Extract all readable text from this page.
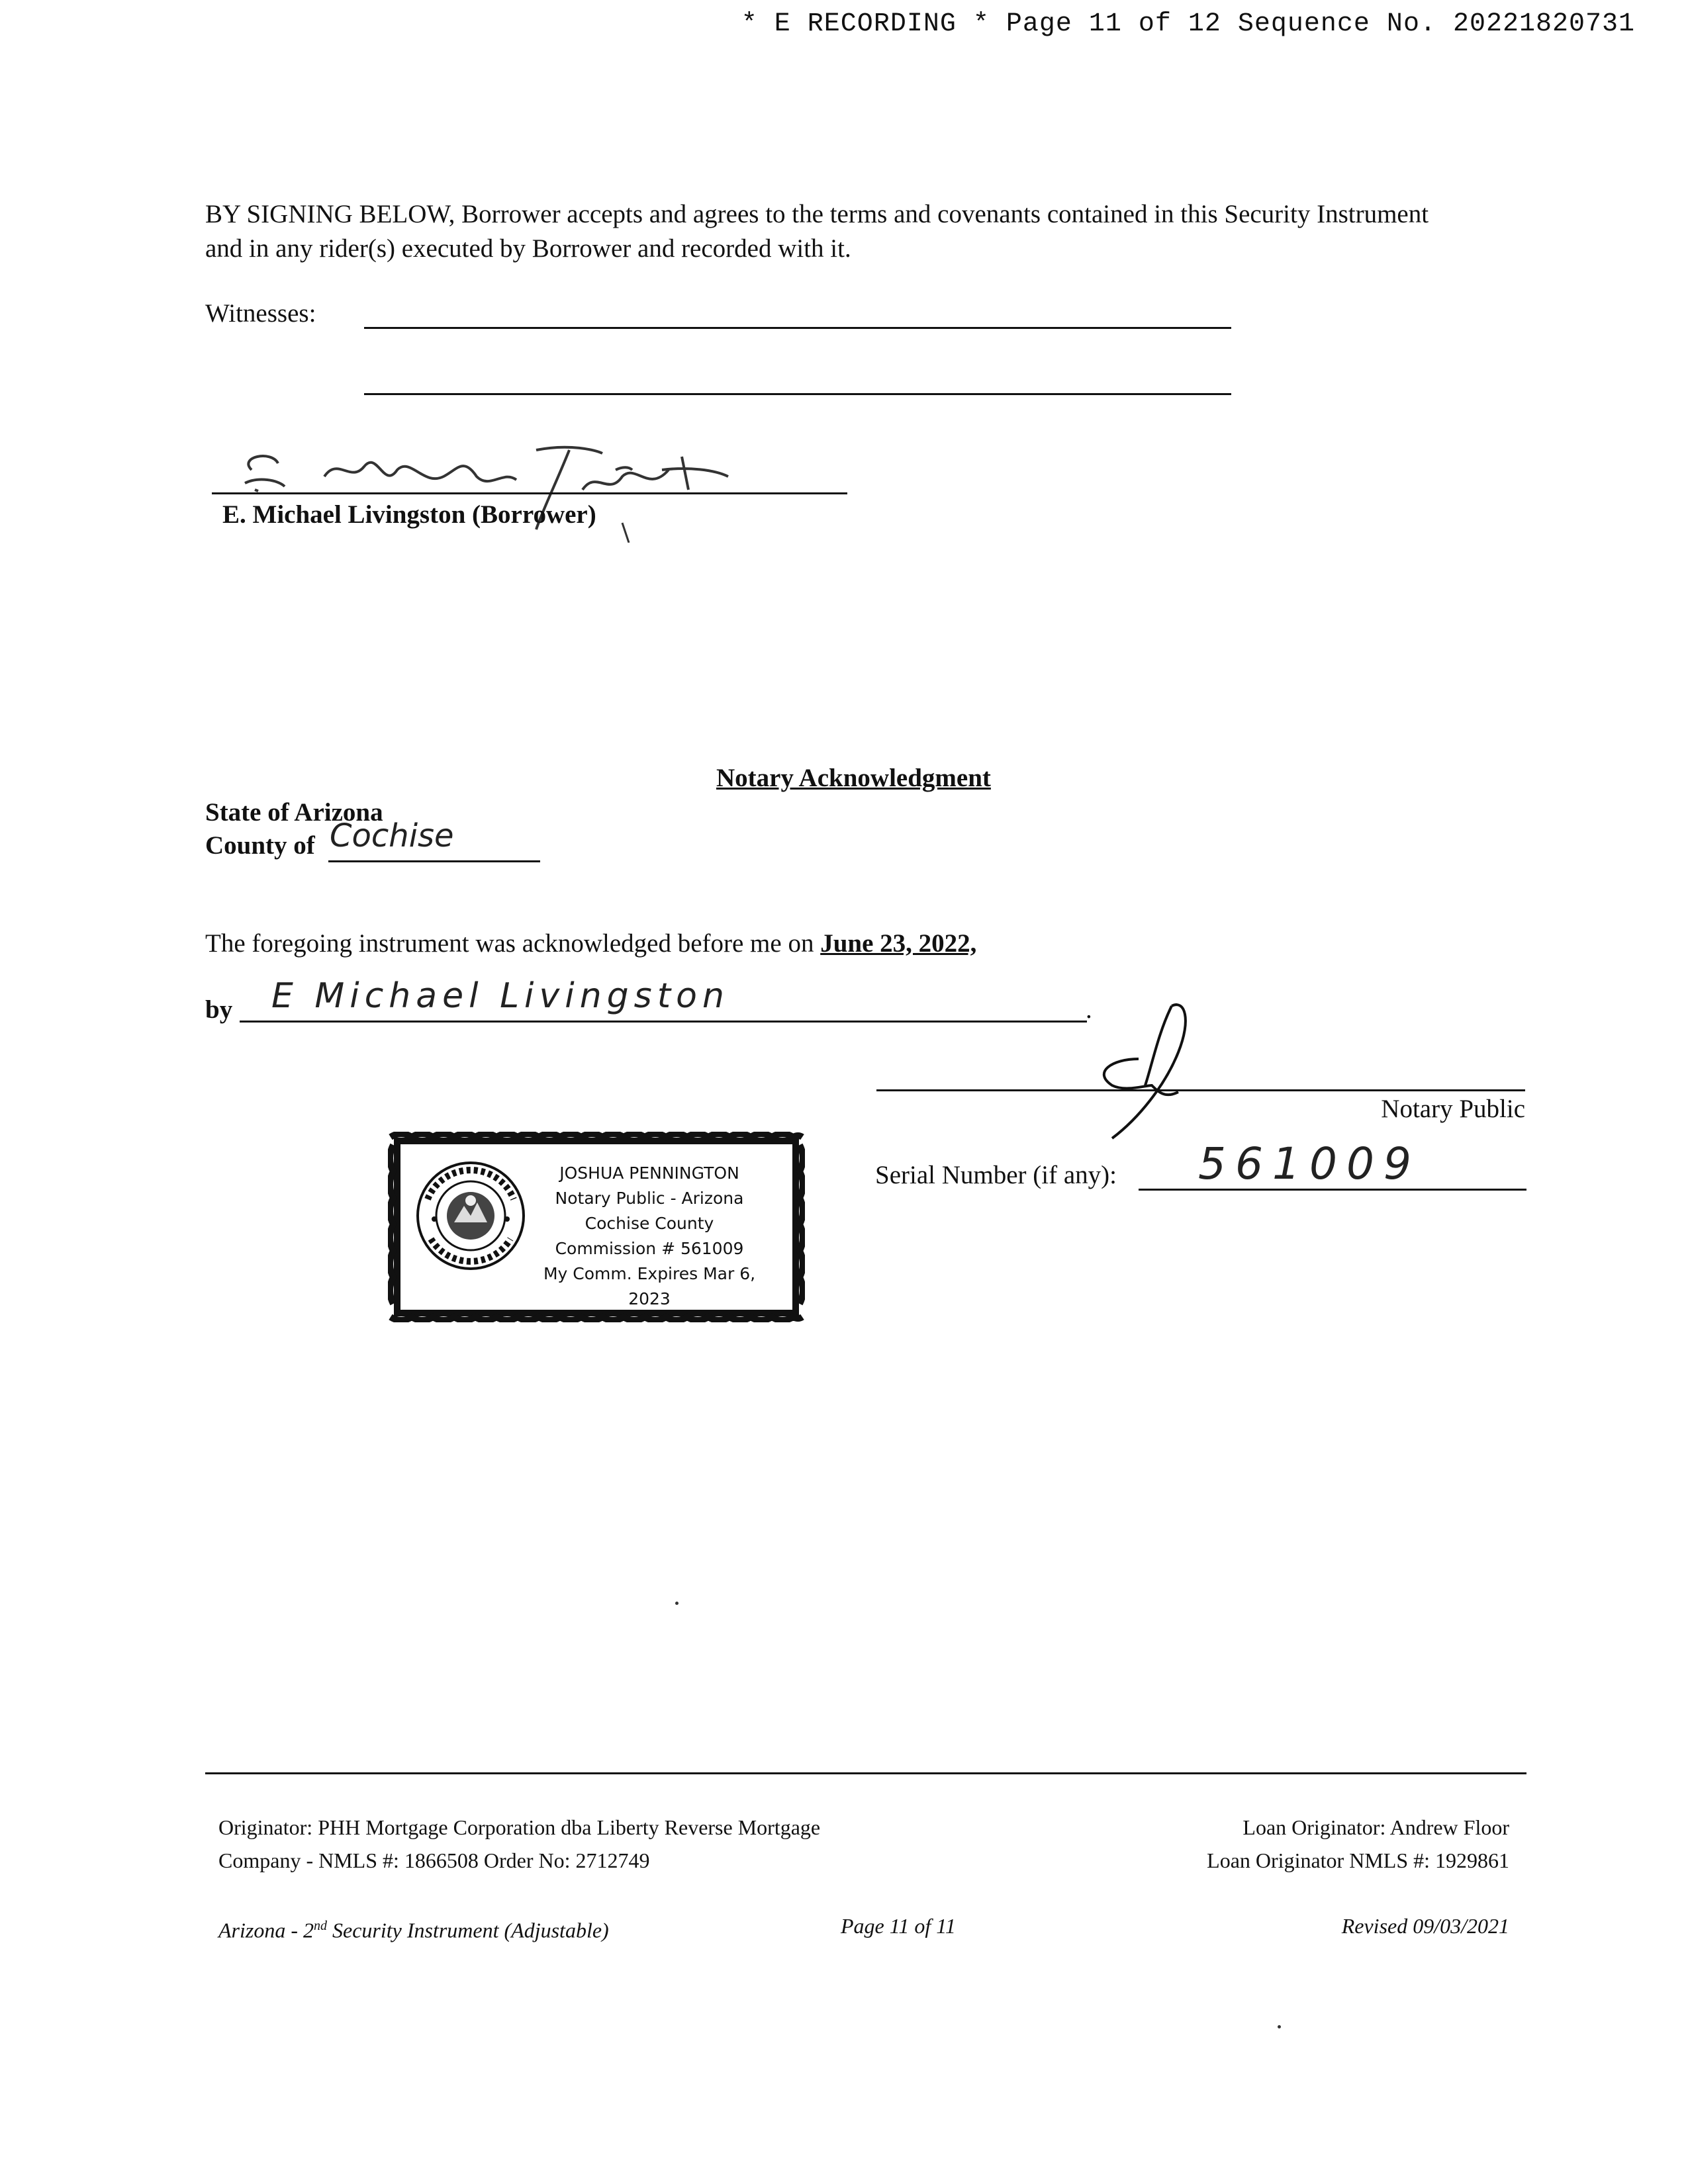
* E RECORDING * Page 11 of 12 Sequence No. 20221820731
BY SIGNING BELOW, Borrower accepts and agrees to the terms and covenants contained in this Security Instrument
and in any rider(s) executed by Borrower and recorded with it.
Witnesses:
E. Michael Livingston (Borrower)
Notary Acknowledgment
State of Arizona
County of Cochise
The foregoing instrument was acknowledged before me on June 23, 2022,
by E Michael Livingston	.
Notary Public
Serial Number (if any): 561009
JOSHUA PENNINGTON
Notary Public - Arizona
Cochise County
Commission # 561009
My Comm. Expires Mar 6, 2023
Originator: PHH Mortgage Corporation dba Liberty Reverse Mortgage
Company - NMLS #: 1866508 Order No: 2712749
Loan Originator: Andrew Floor
Loan Originator NMLS #: 1929861
Arizona - 2nd Security Instrument (Adjustable)	Page 11 of 11	Revised 09/03/2021
